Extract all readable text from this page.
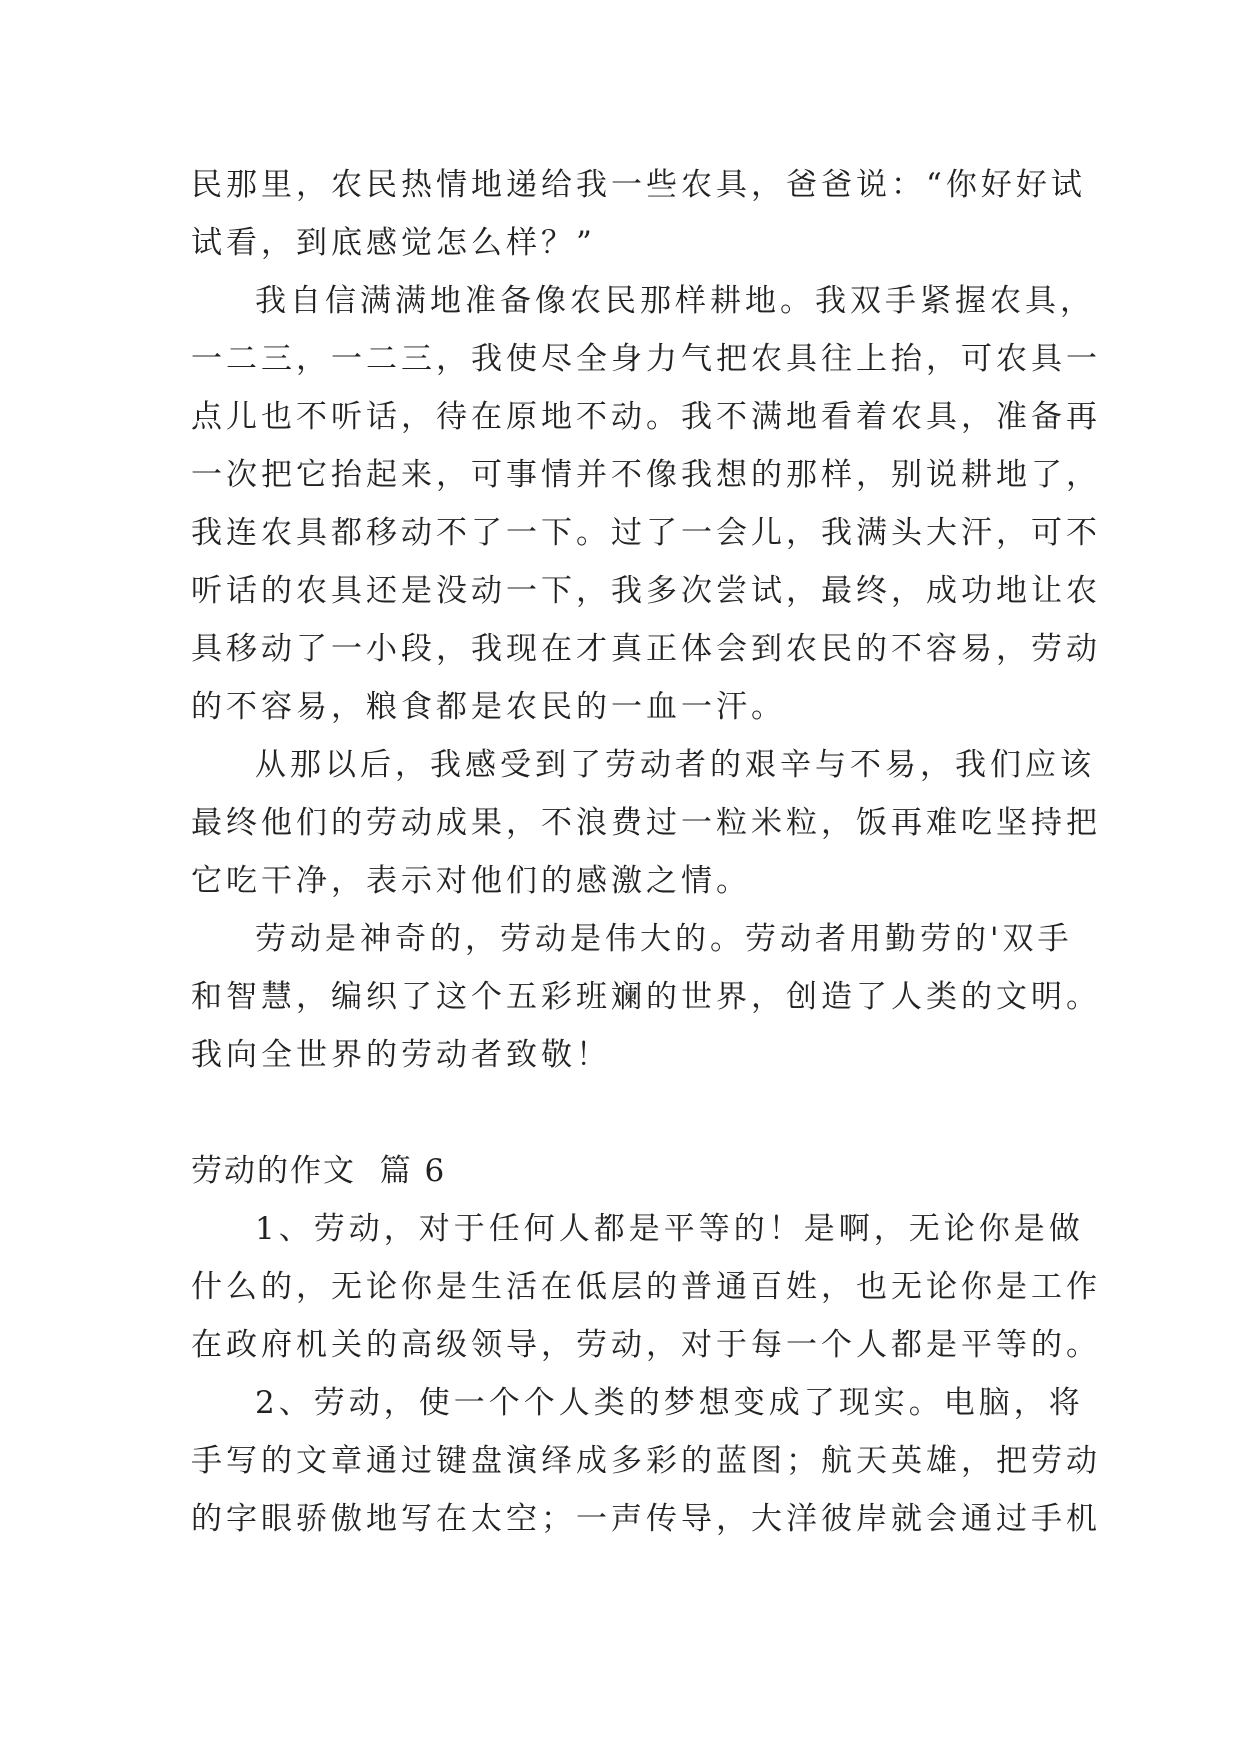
民那里，农民热情地递给我一些农具，爸爸说：“你好好试
试看，到底感觉怎么样？”
我自信满满地准备像农民那样耕地。我双手紧握农具，
一二三，一二三，我使尽全身力气把农具往上抬，可农具一
点儿也不听话，待在原地不动。我不满地看着农具，准备再
一次把它抬起来，可事情并不像我想的那样，别说耕地了，
我连农具都移动不了一下。过了一会儿，我满头大汗，可不
听话的农具还是没动一下，我多次尝试，最终，成功地让农
具移动了一小段，我现在才真正体会到农民的不容易，劳动
的不容易，粮食都是农民的一血一汗。
从那以后，我感受到了劳动者的艰辛与不易，我们应该
最终他们的劳动成果，不浪费过一粒米粒，饭再难吃坚持把
它吃干净，表示对他们的感激之情。
劳动是神奇的，劳动是伟大的。劳动者用勤劳的'双手
和智慧，编织了这个五彩班斓的世界，创造了人类的文明。
我向全世界的劳动者致敬！
劳动的作文  篇 6
1、劳动，对于任何人都是平等的！是啊，无论你是做
什么的，无论你是生活在低层的普通百姓，也无论你是工作
在政府机关的高级领导，劳动，对于每一个人都是平等的。
2、劳动，使一个个人类的梦想变成了现实。电脑，将
手写的文章通过键盘演绎成多彩的蓝图；航天英雄，把劳动
的字眼骄傲地写在太空；一声传导，大洋彼岸就会通过手机
